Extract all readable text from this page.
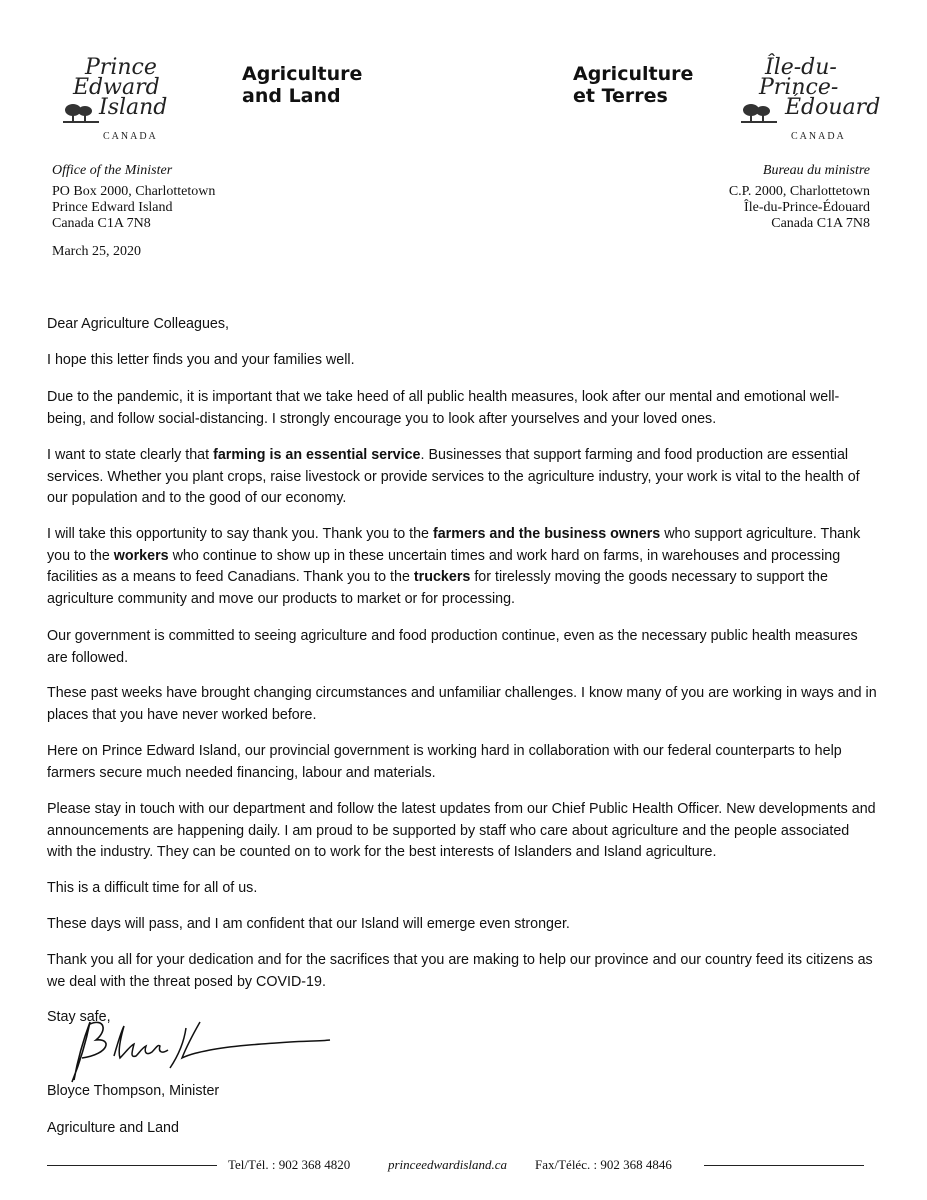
Prince
Edward
Island
CANADA
Île-du-
Prince-
Édouard
CANADA
Agriculture
and Land
Agriculture
et Terres
Office of the Minister
PO Box 2000, Charlottetown
Prince Edward Island
Canada C1A 7N8
Bureau du ministre
C.P. 2000, Charlottetown
Île-du-Prince-Édouard
Canada C1A 7N8
March 25, 2020

Dear Agriculture Colleagues,

I hope this letter finds you and your families well.

Due to the pandemic, it is important that we take heed of all public health measures, look after our mental and emotional well-being, and follow social-distancing. I strongly encourage you to look after yourselves and your loved ones.

I want to state clearly that farming is an essential service. Businesses that support farming and food production are essential services. Whether you plant crops, raise livestock or provide services to the agriculture industry, your work is vital to the health of our population and to the good of our economy.

I will take this opportunity to say thank you. Thank you to the farmers and the business owners who support agriculture. Thank you to the workers who continue to show up in these uncertain times and work hard on farms, in warehouses and processing facilities as a means to feed Canadians. Thank you to the truckers for tirelessly moving the goods necessary to support the agriculture community and move our products to market or for processing.

Our government is committed to seeing agriculture and food production continue, even as the necessary public health measures are followed.

These past weeks have brought changing circumstances and unfamiliar challenges. I know many of you are working in ways and in places that you have never worked before.

Here on Prince Edward Island, our provincial government is working hard in collaboration with our federal counterparts to help farmers secure much needed financing, labour and materials.

Please stay in touch with our department and follow the latest updates from our Chief Public Health Officer. New developments and announcements are happening daily. I am proud to be supported by staff who care about agriculture and the people associated with the industry. They can be counted on to work for the best interests of Islanders and Island agriculture.

This is a difficult time for all of us.

These days will pass, and I am confident that our Island will emerge even stronger.

Thank you all for your dedication and for the sacrifices that you are making to help our province and our country feed its citizens as we deal with the threat posed by COVID-19.

Stay safe,

Bloyce Thompson, Minister

Agriculture and Land

Tel/Tél. : 902 368 4820	princeedwardisland.ca Fax/Téléc. : 902 368 4846
